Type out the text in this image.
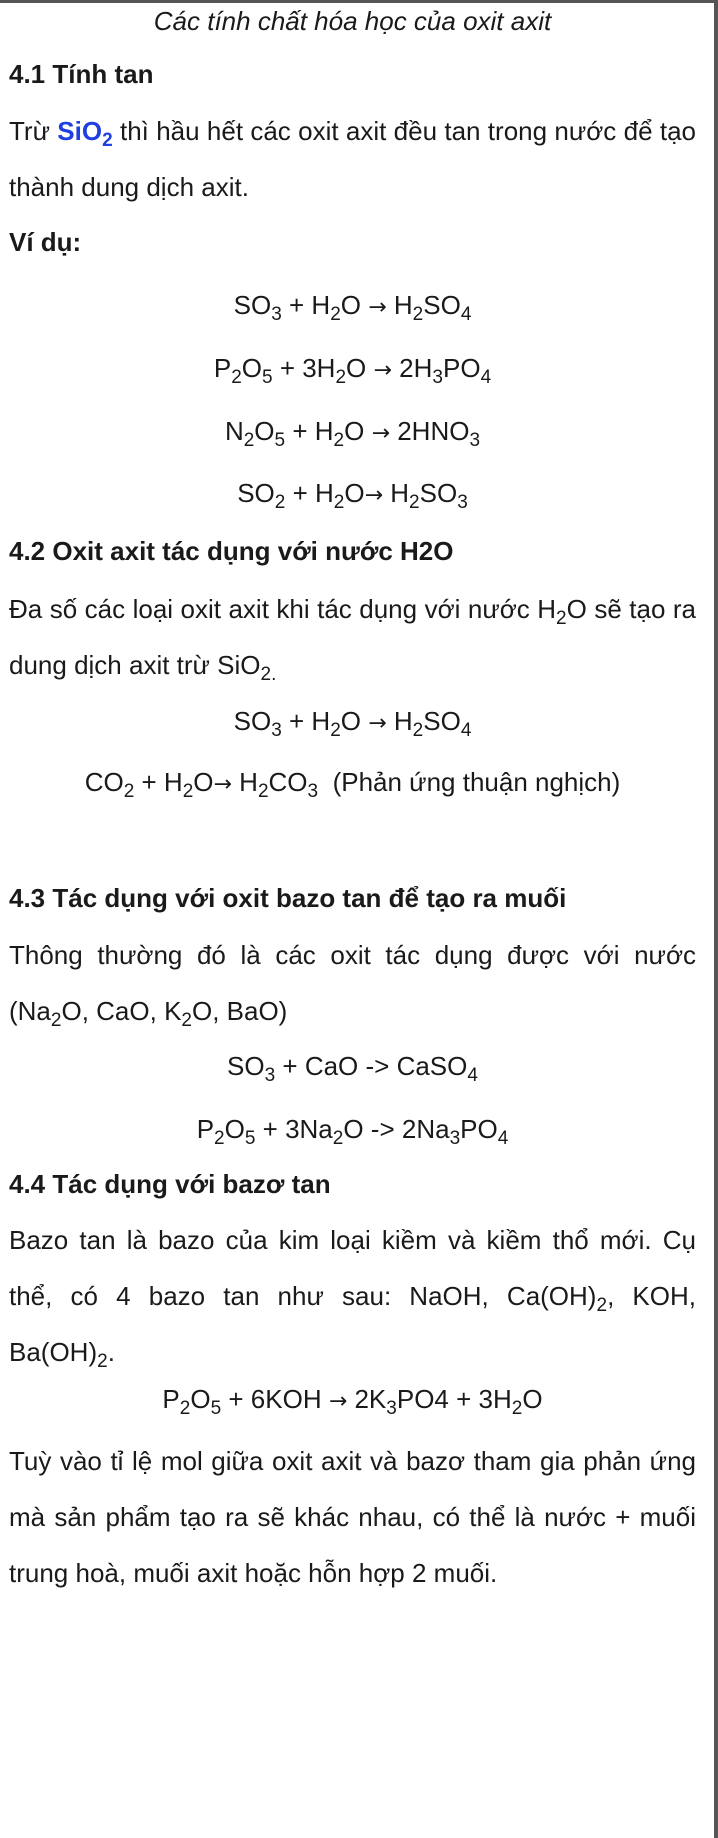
Các tính chất hóa học của oxit axit
4.1 Tính tan

Trừ SiO$_2$ thì hầu hết các oxit axit đều tan trong nước để tạo thành dung dịch axit.

Ví dụ:
$SO_3 + H_2O \to H_2SO_4$
$P_2O_5 + 3H_2O \to 2H_3PO_4$
$N_2O_5 + H_2O \to 2HNO_3$
$SO_2 + H_2O\to H_2SO_3$
4.2 Oxit axit tác dụng với nước H2O

Đa số các loại oxit axit khi tác dụng với nước $H_2O$ sẽ tạo ra dung dịch axit trừ SiO$_{2.}$

$SO_3 + H_2O \to H_2SO_4$
$CO_2 + H_2O\to H_2CO_3$ (Phản ứng thuận nghịch)
4.3 Tác dụng với oxit bazo tan để tạo ra muối

Thông thường đó là các oxit tác dụng được với nước ($Na_2O$, CaO, $K_2O$, BaO)

$SO_3$ + CaO -> CaSO$_4$
$P_2O_5 + 3Na_2O -> 2Na_3PO_4$
4.4 Tác dụng với bazơ tan

Bazo tan là bazo của kim loại kiềm và kiềm thổ mới. Cụ thể, có 4 bazo tan như sau: NaOH, $Ca(OH)_2$, KOH, $Ba(OH)_2$.

$P_2O_5 + 6KOH \to 2K_3PO4 + 3H_2O$

Tuỳ vào tỉ lệ mol giữa oxit axit và bazơ tham gia phản ứng mà sản phẩm tạo ra sẽ khác nhau, có thể là nước + muối trung hoà, muối axit hoặc hỗn hợp 2 muối.
